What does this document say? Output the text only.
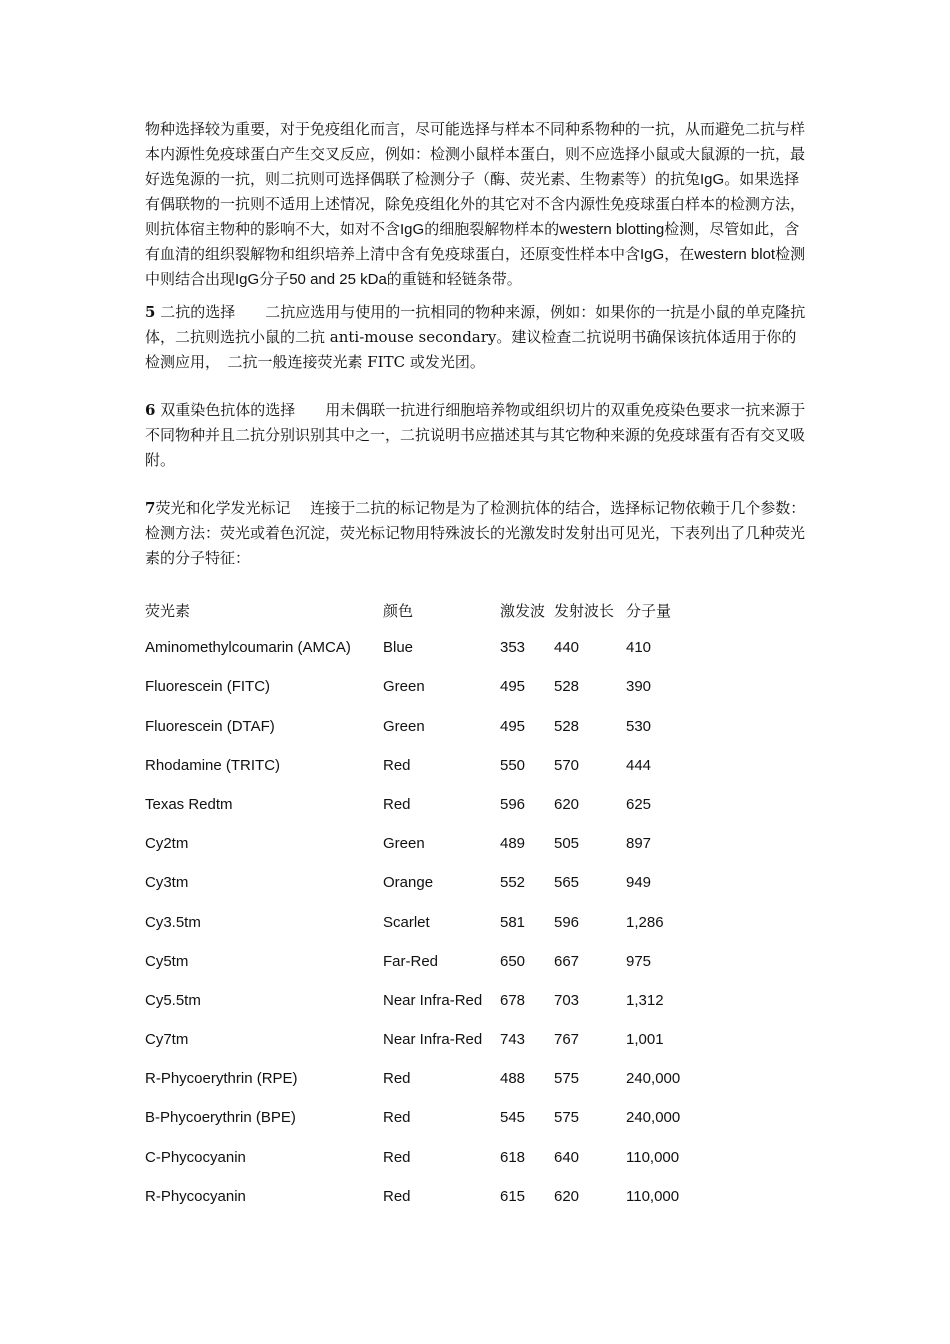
物种选择较为重要，对于免疫组化而言，尽可能选择与样本不同种系物种的一抗，从而避免二抗与样本内源性免疫球蛋白产生交叉反应，例如：检测小鼠样本蛋白，则不应选择小鼠或大鼠源的一抗，最好选兔源的一抗，则二抗则可选择偶联了检测分子（酶、荧光素、生物素等）的抗兔IgG。如果选择有偶联物的一抗则不适用上述情况，除免疫组化外的其它对不含内源性免疫球蛋白样本的检测方法，则抗体宿主物种的影响不大，如对不含IgG的细胞裂解物样本的western blotting检测，尽管如此，含有血清的组织裂解物和组织培养上清中含有免疫球蛋白，还原变性样本中含IgG，在western blot检测中则结合出现IgG分子50 and 25 kDa的重链和轻链条带。

5 二抗的选择　　二抗应选用与使用的一抗相同的物种来源，例如：如果你的一抗是小鼠的单克隆抗体，二抗则选抗小鼠的二抗 anti-mouse secondary。建议检查二抗说明书确保该抗体适用于你的检测应用，　二抗一般连接荧光素 FITC 或发光团。

6 双重染色抗体的选择　　用未偶联一抗进行细胞培养物或组织切片的双重免疫染色要求一抗来源于不同物种并且二抗分别识别其中之一，二抗说明书应描述其与其它物种来源的免疫球蛋有否有交叉吸附。

7荧光和化学发光标记　 连接于二抗的标记物是为了检测抗体的结合，选择标记物依赖于几个参数：检测方法：荧光或着色沉淀，荧光标记物用特殊波长的光激发时发射出可见光，下表列出了几种荧光素的分子特征：

荧光素	颜色	激发波 发射波长 分子量
Aminomethylcoumarin (AMCA) Blue	353 440	410
Fluorescein (FITC)	Green	495 528	390
Fluorescein (DTAF)	Green	495 528	530
Rhodamine (TRITC)	Red	550 570	444
Texas Redtm	Red	596 620	625
Cy2tm	Green	489 505	897
Cy3tm	Orange	552 565	949
Cy3.5tm	Scarlet	581 596	1,286
Cy5tm	Far-Red	650 667	975
Cy5.5tm	Near Infra-Red 678 703	1,312
Cy7tm	Near Infra-Red 743 767	1,001
R-Phycoerythrin (RPE)	Red	488 575	240,000
B-Phycoerythrin (BPE)	Red	545 575	240,000
C-Phycocyanin	Red	618 640	110,000
R-Phycocyanin	Red	615 620	110,000
